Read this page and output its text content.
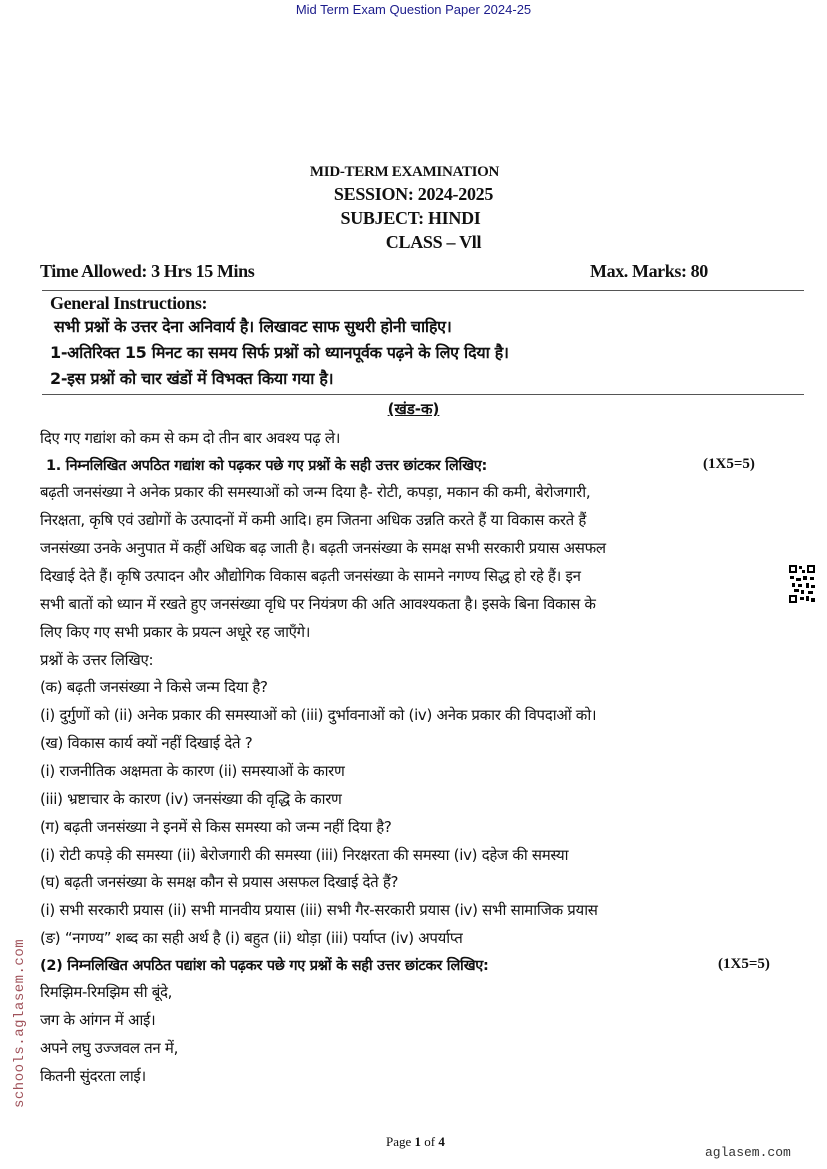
Mid Term Exam Question Paper 2024-25
MID-TERM EXAMINATION
SESSION: 2024-2025
SUBJECT: HINDI
CLASS – Vll
Time Allowed: 3 Hrs 15 Mins	Max. Marks: 80
General Instructions:
सभी प्रश्नों के उत्तर देना अनिवार्य है। लिखावट साफ सुथरी होनी चाहिए।
1-अतिरिक्त 15 मिनट का समय सिर्फ प्रश्नों को ध्यानपूर्वक पढ़ने के लिए दिया है।
2-इस प्रश्नों को चार खंडों में विभक्त किया गया है।
(खंड-क)
दिए गए गद्यांश को कम से कम दो तीन बार अवश्य पढ़ ले।
1. निम्नलिखित अपठित गद्यांश को पढ़कर पछे गए प्रश्नों के सही उत्तर छांटकर लिखिए:	(1X5=5)
बढ़ती जनसंख्या ने अनेक प्रकार की समस्याओं को जन्म दिया है- रोटी, कपड़ा, मकान की कमी, बेरोजगारी,
निरक्षता, कृषि एवं उद्योगों के उत्पादनों में कमी आदि। हम जितना अधिक उन्नति करते हैं या विकास करते हैं
जनसंख्या उनके अनुपात में कहीं अधिक बढ़ जाती है। बढ़ती जनसंख्या के समक्ष सभी सरकारी प्रयास असफल
दिखाई देते हैं। कृषि उत्पादन और औद्योगिक विकास बढ़ती जनसंख्या के सामने नगण्य सिद्ध हो रहे हैं। इन
सभी बातों को ध्यान में रखते हुए जनसंख्या वृधि पर नियंत्रण की अति आवश्यकता है। इसके बिना विकास के
लिए किए गए सभी प्रकार के प्रयत्न अधूरे रह जाएँगे।
प्रश्नों के उत्तर लिखिए:
(क) बढ़ती जनसंख्या ने किसे जन्म दिया है?
(i) दुर्गुणों को (ii) अनेक प्रकार की समस्याओं को (iii) दुर्भावनाओं को (iv) अनेक प्रकार की विपदाओं को।
(ख) विकास कार्य क्यों नहीं दिखाई देते ?
(i) राजनीतिक अक्षमता के कारण (ii) समस्याओं के कारण
(iii) भ्रष्टाचार के कारण (iv) जनसंख्या की वृद्धि के कारण
(ग) बढ़ती जनसंख्या ने इनमें से किस समस्या को जन्म नहीं दिया है?
(i) रोटी कपड़े की समस्या (ii) बेरोजगारी की समस्या (iii) निरक्षरता की समस्या (iv) दहेज की समस्या
(घ) बढ़ती जनसंख्या के समक्ष कौन से प्रयास असफल दिखाई देते हैं?
(i) सभी सरकारी प्रयास (ii) सभी मानवीय प्रयास (iii) सभी गैर-सरकारी प्रयास (iv) सभी सामाजिक प्रयास
(ङ) “नगण्य” शब्द का सही अर्थ है (i) बहुत (ii) थोड़ा (iii) पर्याप्त (iv) अपर्याप्त
(2) निम्नलिखित अपठित पद्यांश को पढ़कर पछे गए प्रश्नों के सही उत्तर छांटकर लिखिए:	(1X5=5)
रिमझिम-रिमझिम सी बूंदे,
जग के आंगन में आई।
अपने लघु उज्जवल तन में,
कितनी सुंदरता लाई।
schools.aglasem.com
Page 1 of 4
aglasem.com
